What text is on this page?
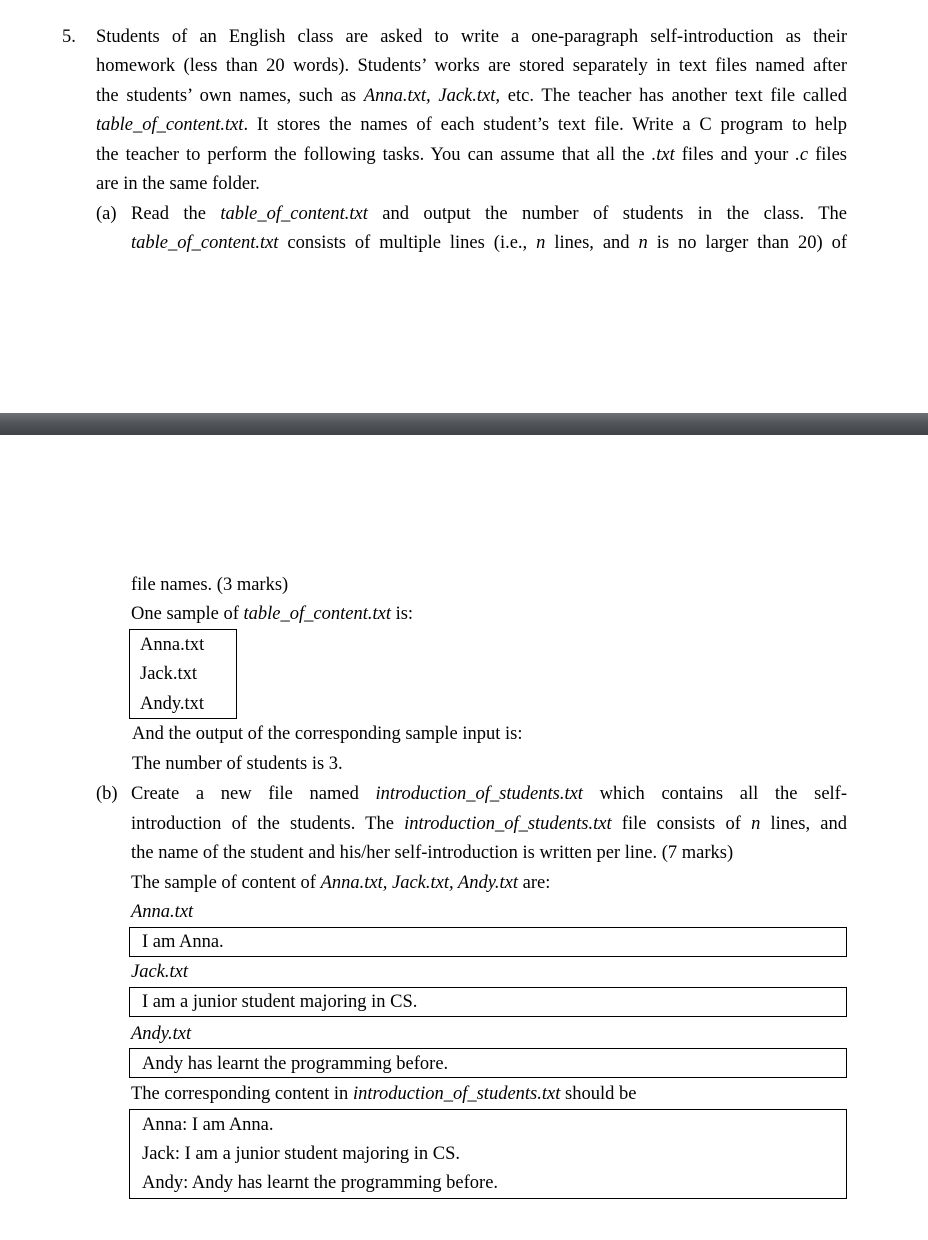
5. Students of an English class are asked to write a one-paragraph self-introduction as their
homework (less than 20 words). Students’ works are stored separately in text files named after
the students’ own names, such as Anna.txt, Jack.txt, etc. The teacher has another text file called
table_of_content.txt. It stores the names of each student’s text file. Write a C program to help
the teacher to perform the following tasks. You can assume that all the .txt files and your .c files
are in the same folder.
(a) Read the table_of_content.txt and output the number of students in the class. The
table_of_content.txt consists of multiple lines (i.e., n lines, and n is no larger than 20) of
file names. (3 marks)
One sample of table_of_content.txt is:
Anna.txt
Jack.txt
Andy.txt
And the output of the corresponding sample input is:
The number of students is 3.
(b) Create a new file named introduction_of_students.txt which contains all the self-
introduction of the students. The introduction_of_students.txt file consists of n lines, and
the name of the student and his/her self-introduction is written per line. (7 marks)
The sample of content of Anna.txt, Jack.txt, Andy.txt are:
Anna.txt
I am Anna.
Jack.txt
I am a junior student majoring in CS.
Andy.txt
Andy has learnt the programming before.
The corresponding content in introduction_of_students.txt should be
Anna: I am Anna.
Jack: I am a junior student majoring in CS.
Andy: Andy has learnt the programming before.
